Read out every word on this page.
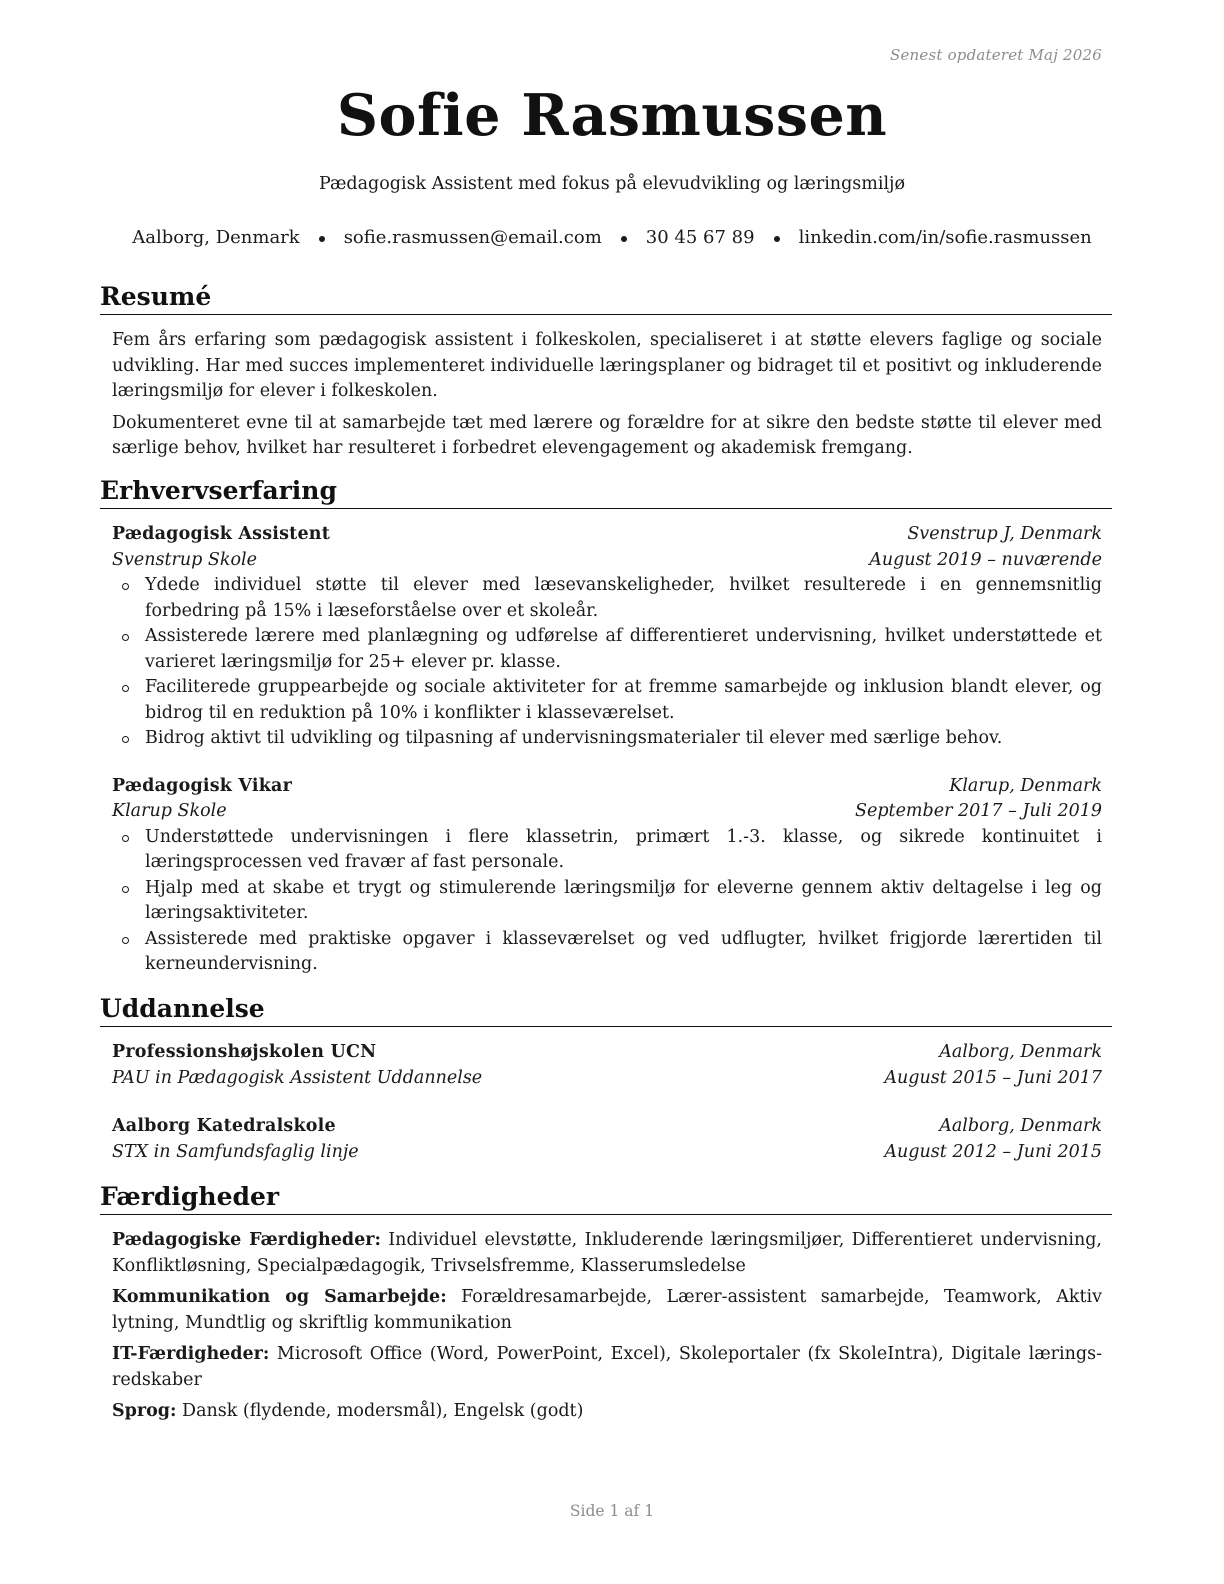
Senest opdateret Maj 2026
Sofie Rasmussen
Pædagogisk Assistent med fokus på elevudvikling og læringsmiljø
Aalborg, Denmark sofie.rasmussen@email.com 30 45 67 89 linkedin.com/in/sofie.rasmussen
Resumé

Fem års erfaring som pædagogisk assistent i folkeskolen, specialiseret i at støtte elevers faglige og sociale udvikling. Har med succes implementeret individuelle læringsplaner og bidraget til et positivt og inkluderende læringsmiljø for elever i folkeskolen.

Dokumenteret evne til at samarbejde tæt med lærere og forældre for at sikre den bedste støtte til elever med særlige behov, hvilket har resulteret i forbedret elevengagement og akademisk fremgang.

Erhvervserfaring
Pædagogisk Assistent	Svenstrup J, Denmark
Svenstrup Skole	August 2019 – nuværende
Ydede individuel støtte til elever med læsevanskeligheder, hvilket resulterede i en gennemsnitlig forbedring på 15% i læseforståelse over et skoleår.
Assisterede lærere med planlægning og udførelse af differentieret undervisning, hvilket understøttede et varieret læringsmiljø for 25+ elever pr. klasse.
Faciliterede gruppearbejde og sociale aktiviteter for at fremme samarbejde og inklusion blandt elever, og bidrog til en reduktion på 10% i konflikter i klasseværelset.
Bidrog aktivt til udvikling og tilpasning af undervisningsmaterialer til elever med særlige behov.
Pædagogisk Vikar	Klarup, Denmark
Klarup Skole	September 2017 – Juli 2019
Understøttede undervisningen i flere klassetrin, primært 1.-3. klasse, og sikrede kontinuitet i læringsprocessen ved fravær af fast personale.
Hjalp med at skabe et trygt og stimulerende læringsmiljø for eleverne gennem aktiv deltagelse i leg og læringsaktiviteter.
Assisterede med praktiske opgaver i klasseværelset og ved udflugter, hvilket frigjorde lærertiden til kerneundervisning.
Uddannelse
Professionshøjskolen UCN	Aalborg, Denmark
PAU in Pædagogisk Assistent Uddannelse	August 2015 – Juni 2017
Aalborg Katedralskole	Aalborg, Denmark
STX in Samfundsfaglig linje	August 2012 – Juni 2015
Færdigheder
Pædagogiske Færdigheder: Individuel elevstøtte, Inkluderende læringsmiljøer, Differentieret undervisning, Konfliktløsning, Specialpædagogik, Trivselsfremme, Klasserumsledelse
Kommunikation og Samarbejde: Forældresamarbejde, Lærer-assistent samarbejde, Teamwork, Aktiv lytning, Mundtlig og skriftlig kommunikation
IT-Færdigheder: Microsoft Office (Word, PowerPoint, Excel), Skoleportaler (fx SkoleIntra), Digitale læringsredskaber
Sprog: Dansk (flydende, modersmål), Engelsk (godt)
Side 1 af 1
